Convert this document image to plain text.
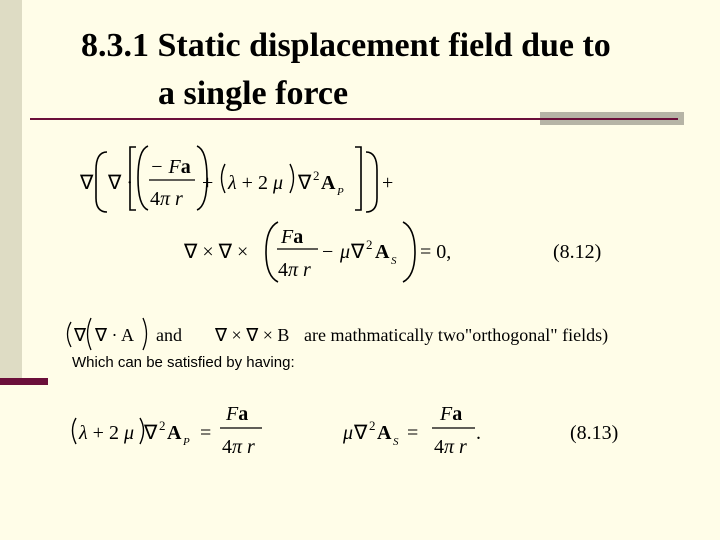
8.3.1 Static displacement field due to
a single force
∇ ∇ ·
− Fa
4π r
+ λ + 2 μ ∇ 2 A P +
∇ × ∇ ×
Fa
4π r
− μ ∇ 2 A S = 0,	(8.12)
∇ ∇ · A and ∇ × ∇ × B are mathmatically two"orthogonal" fields)
λ + 2 μ ∇ 2 A P =
Fa
4π r
μ ∇ 2 A S =
Fa
4π r
.	(8.13)
Which can be satisfied by having:
